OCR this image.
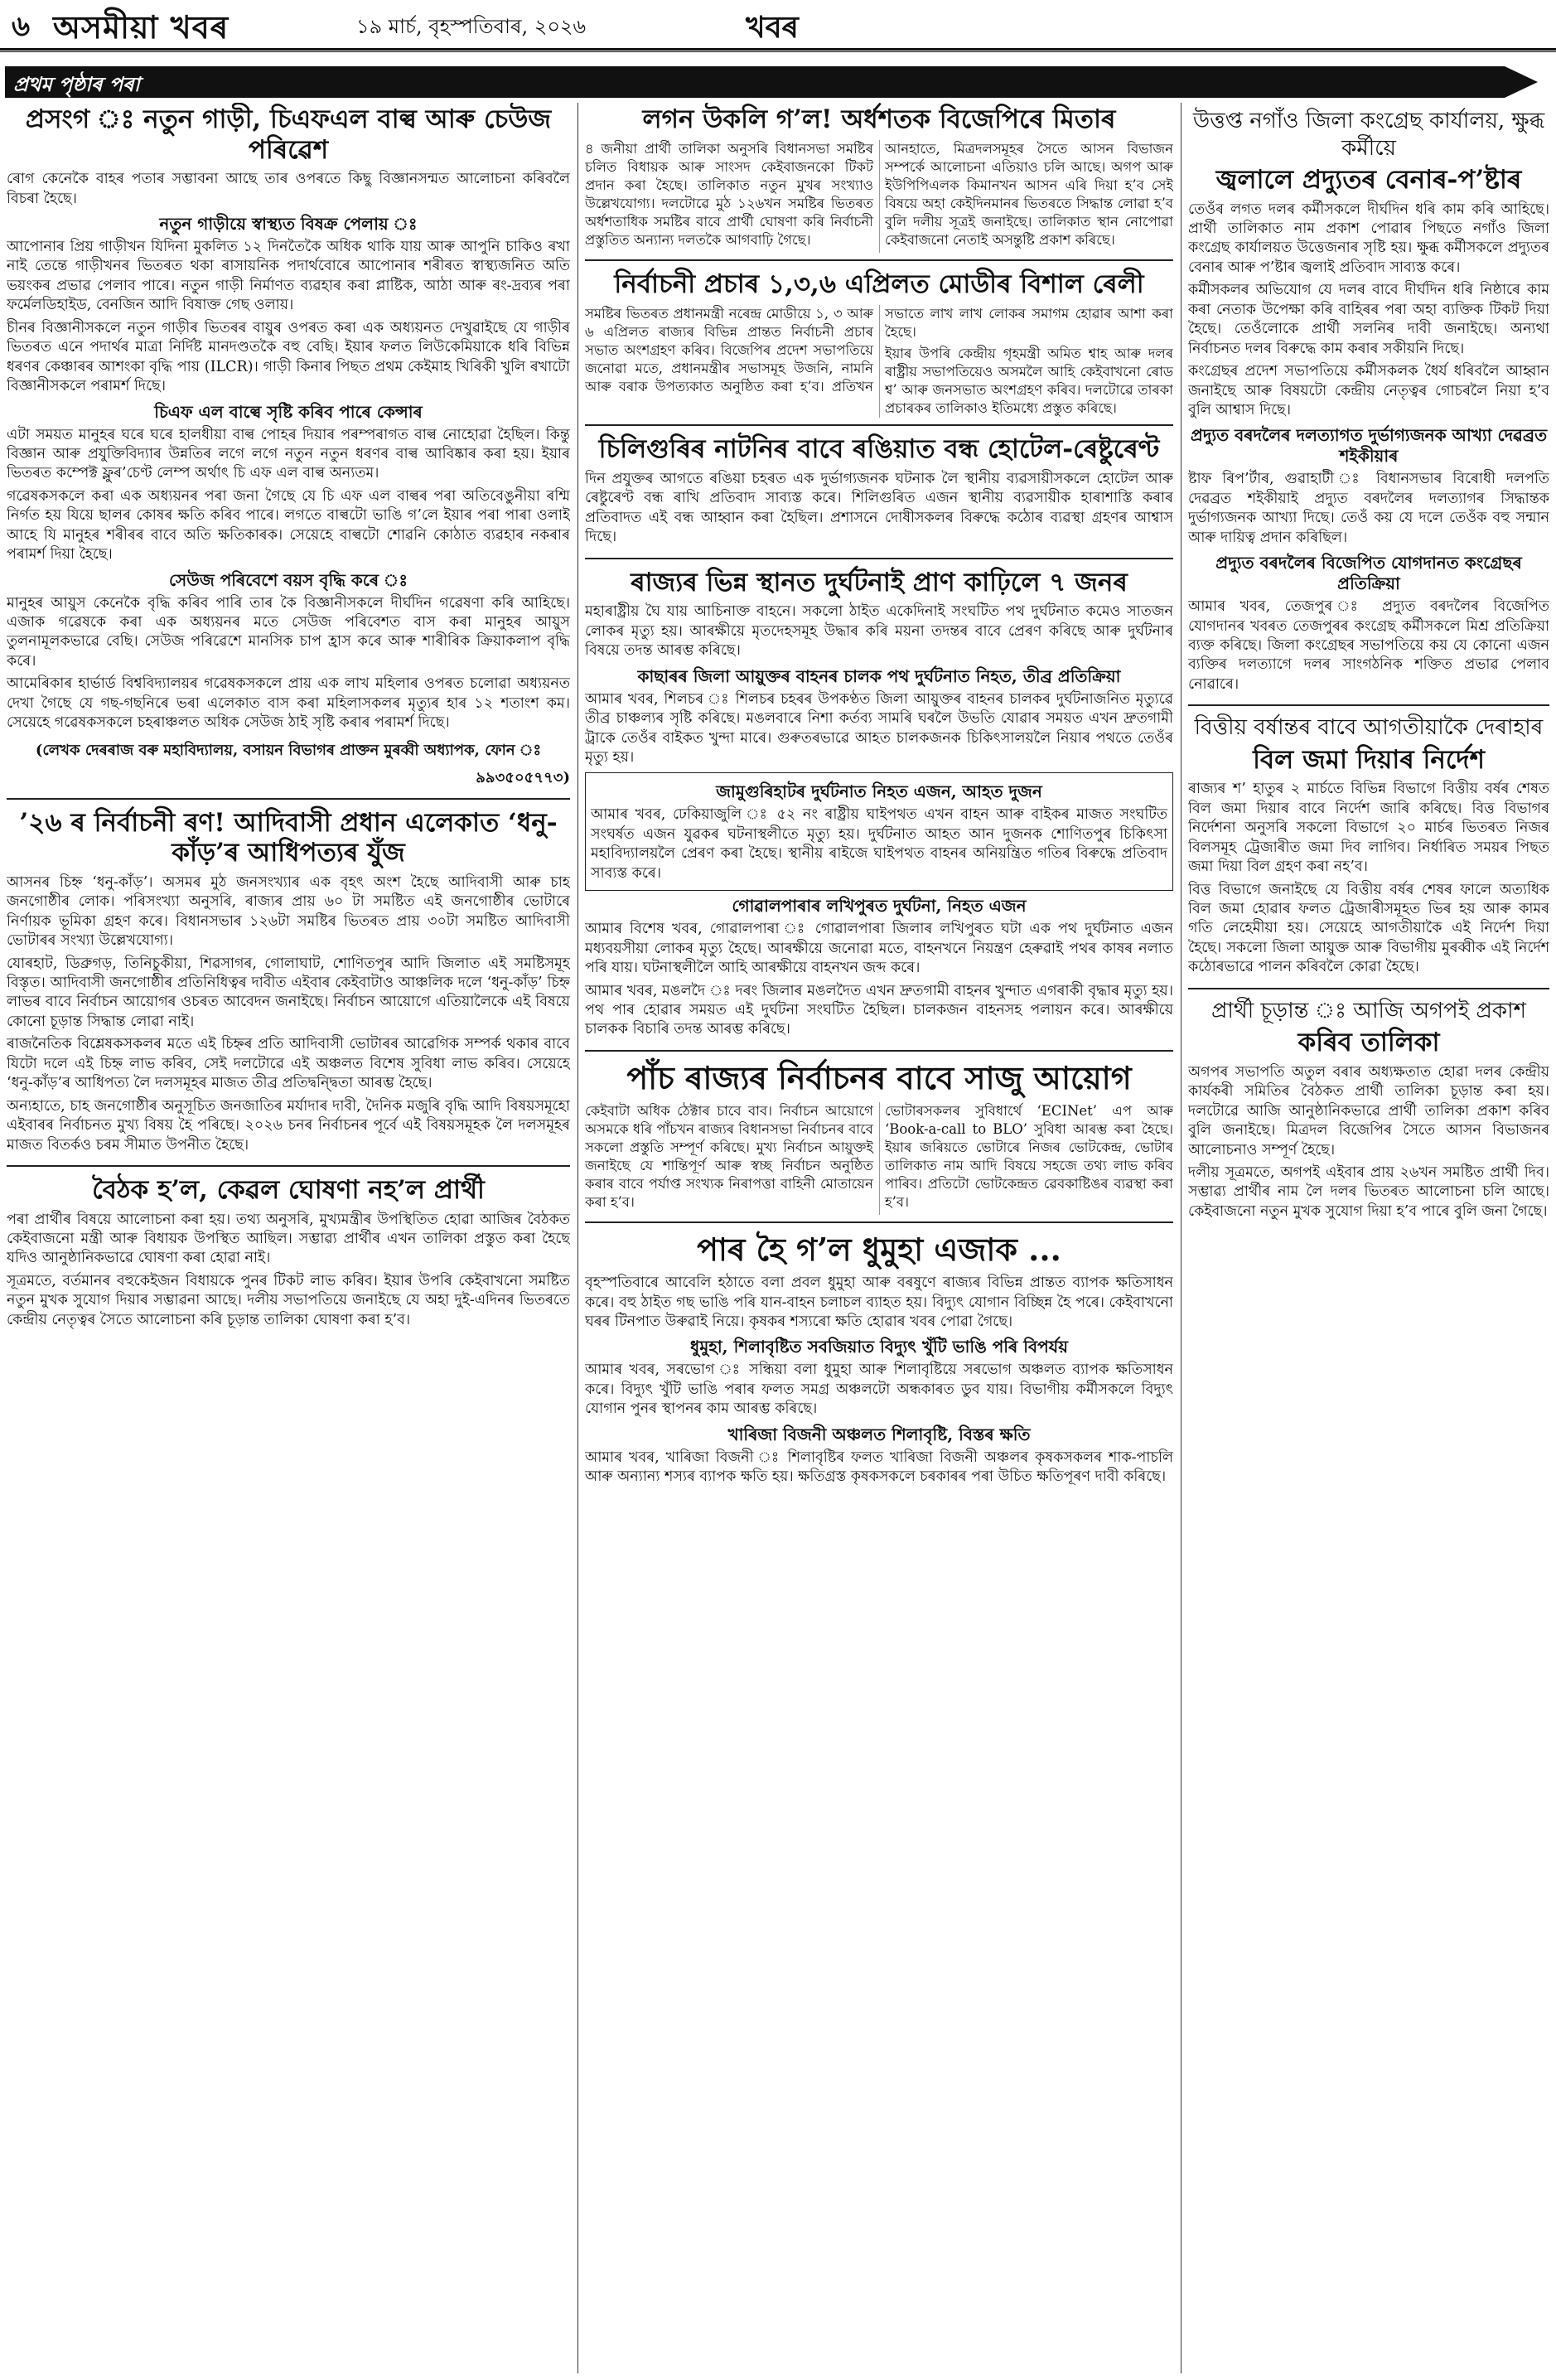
৬ অসমীয়া খবৰ	১৯ মাৰ্চ, বৃহস্পতিবাৰ, ২০২৬	খবৰ
প্ৰথম পৃষ্ঠাৰ পৰা
প্ৰসংগ ঃ নতুন গাড়ী, চিএফএল বাল্ব আৰু চেউজ পৰিৱেশ

ৰোগ কেনেকৈ বাহৰ পতাৰ সম্ভাবনা আছে তাৰ ওপৰতে কিছু বিজ্ঞানসন্মত আলোচনা কৰিবলৈ বিচৰা হৈছে।

নতুন গাড়ীয়ে স্বাস্থ্যত বিষক্ৰ পেলায় ঃ

আপোনাৰ প্ৰিয় গাড়ীখন যিদিনা মুকলিত ১২ দিনতৈকৈ অধিক থাকি যায় আৰু আপুনি চাকিও ৰখা নাই তেন্তে গাড়ীখনৰ ভিতৰত থকা ৰাসায়নিক পদাৰ্থবোৰে আপোনাৰ শৰীৰত স্বাস্থ্যজনিত অতি ভয়ংকৰ প্ৰভাৱ পেলাব পাৰে। নতুন গাড়ী নিৰ্মাণত ব্যৱহাৰ কৰা প্লাষ্টিক, আঠা আৰু ৰং-দ্ৰব্যৰ পৰা ফৰ্মেলডিহাইড, বেনজিন আদি বিষাক্ত গেছ ওলায়।

চীনৰ বিজ্ঞানীসকলে নতুন গাড়ীৰ ভিতৰৰ বায়ুৰ ওপৰত কৰা এক অধ্যয়নত দেখুৱাইছে যে গাড়ীৰ ভিতৰত এনে পদাৰ্থৰ মাত্ৰা নিৰ্দিষ্ট মানদণ্ডতকৈ বহু বেছি। ইয়াৰ ফলত লিউকেমিয়াকে ধৰি বিভিন্ন ধৰণৰ কেঞ্চাৰৰ আশংকা বৃদ্ধি পায় (ILCR)। গাড়ী কিনাৰ পিছত প্ৰথম কেইমাহ খিৰিকী খুলি ৰখাটো বিজ্ঞানীসকলে পৰামৰ্শ দিছে।

চিএফ এল বাল্বে সৃষ্টি কৰিব পাৰে কেন্সাৰ

এটা সময়ত মানুহৰ ঘৰে ঘৰে হালধীয়া বাল্ব পোহৰ দিয়াৰ পৰম্পৰাগত বাল্ব নোহোৱা হৈছিল। কিন্তু বিজ্ঞান আৰু প্ৰযুক্তিবিদ্যাৰ উন্নতিৰ লগে লগে নতুন নতুন ধৰণৰ বাল্ব আবিষ্কাৰ কৰা হয়। ইয়াৰ ভিতৰত কম্পেক্ট ফ্লুৰ’চেণ্ট লেম্প অৰ্থাৎ চি এফ এল বাল্ব অন্যতম।

গৱেষকসকলে কৰা এক অধ্যয়নৰ পৰা জনা গৈছে যে চি এফ এল বাল্বৰ পৰা অতিবেঙুনীয়া ৰশ্মি নিৰ্গত হয় যিয়ে ছালৰ কোষৰ ক্ষতি কৰিব পাৰে। লগতে বাল্বটো ভাঙি গ’লে ইয়াৰ পৰা পাৰা ওলাই আহে যি মানুহৰ শৰীৰৰ বাবে অতি ক্ষতিকাৰক। সেয়েহে বাল্বটো শোৱনি কোঠাত ব্যৱহাৰ নকৰাৰ পৰামৰ্শ দিয়া হৈছে।

সেউজ পৰিবেশে বয়স বৃদ্ধি কৰে ঃ

মানুহৰ আয়ুস কেনেকৈ বৃদ্ধি কৰিব পাৰি তাৰ কৈ বিজ্ঞানীসকলে দীৰ্ঘদিন গৱেষণা কৰি আহিছে। এজাক গৱেষকে কৰা এক অধ্যয়নৰ মতে সেউজ পৰিবেশত বাস কৰা মানুহৰ আয়ুস তুলনামূলকভাৱে বেছি। সেউজ পৰিৱেশে মানসিক চাপ হ্ৰাস কৰে আৰু শাৰীৰিক ক্ৰিয়াকলাপ বৃদ্ধি কৰে।

আমেৰিকাৰ হাৰ্ভাৰ্ড বিশ্ববিদ্যালয়ৰ গৱেষকসকলে প্ৰায় এক লাখ মহিলাৰ ওপৰত চলোৱা অধ্যয়নত দেখা গৈছে যে গছ-গছনিৰে ভৰা এলেকাত বাস কৰা মহিলাসকলৰ মৃত্যুৰ হাৰ ১২ শতাংশ কম। সেয়েহে গৱেষকসকলে চহৰাঞ্চলত অধিক সেউজ ঠাই সৃষ্টি কৰাৰ পৰামৰ্শ দিছে।

(লেখক দেৰৰাজ বৰু মহাবিদ্যালয়, বসায়ন বিভাগৰ প্ৰাক্তন মুৰব্বী অধ্যাপক, ফোন ঃ
৯৯৩৫০৫৭৭৩)
’২৬ ৰ নিৰ্বাচনী ৰণ! আদিবাসী প্ৰধান এলেকাত ‘ধনু-কাঁড়’ৰ আধিপত্যৰ যুঁজ

আসনৰ চিহ্ন ‘ধনু-কাঁড়’। অসমৰ মুঠ জনসংখ্যাৰ এক বৃহৎ অংশ হৈছে আদিবাসী আৰু চাহ জনগোষ্ঠীৰ লোক। পৰিসংখ্যা অনুসৰি, ৰাজ্যৰ প্ৰায় ৬০ টা সমষ্টিত এই জনগোষ্ঠীৰ ভোটাৰে নিৰ্ণায়ক ভূমিকা গ্ৰহণ কৰে। বিধানসভাৰ ১২৬টা সমষ্টিৰ ভিতৰত প্ৰায় ৩০টা সমষ্টিত আদিবাসী ভোটাৰৰ সংখ্যা উল্লেখযোগ্য।

যোৰহাট, ডিব্ৰুগড়, তিনিচুকীয়া, শিৱসাগৰ, গোলাঘাট, শোণিতপুৰ আদি জিলাত এই সমষ্টিসমূহ বিস্তৃত। আদিবাসী জনগোষ্ঠীৰ প্ৰতিনিধিত্বৰ দাবীত এইবাৰ কেইবাটাও আঞ্চলিক দলে ‘ধনু-কাঁড়’ চিহ্ন লাভৰ বাবে নিৰ্বাচন আয়োগৰ ওচৰত আবেদন জনাইছে। নিৰ্বাচন আয়োগে এতিয়ালৈকে এই বিষয়ে কোনো চূড়ান্ত সিদ্ধান্ত লোৱা নাই।

ৰাজনৈতিক বিশ্লেষকসকলৰ মতে এই চিহ্নৰ প্ৰতি আদিবাসী ভোটাৰৰ আৱেগিক সম্পৰ্ক থকাৰ বাবে যিটো দলে এই চিহ্ন লাভ কৰিব, সেই দলটোৱে এই অঞ্চলত বিশেষ সুবিধা লাভ কৰিব। সেয়েহে ‘ধনু-কাঁড়’ৰ আধিপত্য লৈ দলসমূহৰ মাজত তীব্ৰ প্ৰতিদ্বন্দ্বিতা আৰম্ভ হৈছে।

অন্যহাতে, চাহ জনগোষ্ঠীৰ অনুসূচিত জনজাতিৰ মৰ্যাদাৰ দাবী, দৈনিক মজুৰি বৃদ্ধি আদি বিষয়সমূহো এইবাৰৰ নিৰ্বাচনত মুখ্য বিষয় হৈ পৰিছে। ২০২৬ চনৰ নিৰ্বাচনৰ পূৰ্বে এই বিষয়সমূহক লৈ দলসমূহৰ মাজত বিতৰ্কও চৰম সীমাত উপনীত হৈছে।

বৈঠক হ’ল, কেৱল ঘোষণা নহ’ল প্ৰাৰ্থী

পৰা প্ৰাৰ্থীৰ বিষয়ে আলোচনা কৰা হয়। তথ্য অনুসৰি, মুখ্যমন্ত্ৰীৰ উপস্থিতিত হোৱা আজিৰ বৈঠকত কেইবাজনো মন্ত্ৰী আৰু বিধায়ক উপস্থিত আছিল। সম্ভাৱ্য প্ৰাৰ্থীৰ এখন তালিকা প্ৰস্তুত কৰা হৈছে যদিও আনুষ্ঠানিকভাৱে ঘোষণা কৰা হোৱা নাই।

সূত্ৰমতে, বৰ্তমানৰ বহুকেইজন বিধায়কে পুনৰ টিকট লাভ কৰিব। ইয়াৰ উপৰি কেইবাখনো সমষ্টিত নতুন মুখক সুযোগ দিয়াৰ সম্ভাৱনা আছে। দলীয় সভাপতিয়ে জনাইছে যে অহা দুই-এদিনৰ ভিতৰতে কেন্দ্ৰীয় নেতৃত্বৰ সৈতে আলোচনা কৰি চূড়ান্ত তালিকা ঘোষণা কৰা হ’ব।

লগন উকলি গ’ল! অৰ্ধশতক বিজেপিৰে মিতাৰ

৪ জনীয়া প্ৰাৰ্থী তালিকা অনুসৰি বিধানসভা সমষ্টিৰ চলিত বিধায়ক আৰু সাংসদ কেইবাজনকো টিকট প্ৰদান কৰা হৈছে। তালিকাত নতুন মুখৰ সংখ্যাও উল্লেখযোগ্য। দলটোৱে মুঠ ১২৬খন সমষ্টিৰ ভিতৰত অৰ্ধশতাধিক সমষ্টিৰ বাবে প্ৰাৰ্থী ঘোষণা কৰি নিৰ্বাচনী প্ৰস্তুতিত অন্যান্য দলতকৈ আগবাঢ়ি গৈছে।

আনহাতে, মিত্ৰদলসমূহৰ সৈতে আসন বিভাজন সম্পৰ্কে আলোচনা এতিয়াও চলি আছে। অগপ আৰু ইউপিপিএলক কিমানখন আসন এৰি দিয়া হ’ব সেই বিষয়ে অহা কেইদিনমানৰ ভিতৰতে সিদ্ধান্ত লোৱা হ’ব বুলি দলীয় সূত্ৰই জনাইছে। তালিকাত স্থান নোপোৱা কেইবাজনো নেতাই অসন্তুষ্টি প্ৰকাশ কৰিছে।

নিৰ্বাচনী প্ৰচাৰ ১,৩,৬ এপ্ৰিলত মোডীৰ বিশাল ৰেলী

সমষ্টিৰ ভিতৰত প্ৰধানমন্ত্ৰী নৰেন্দ্ৰ মোডীয়ে ১, ৩ আৰু ৬ এপ্ৰিলত ৰাজ্যৰ বিভিন্ন প্ৰান্তত নিৰ্বাচনী প্ৰচাৰ সভাত অংশগ্ৰহণ কৰিব। বিজেপিৰ প্ৰদেশ সভাপতিয়ে জনোৱা মতে, প্ৰধানমন্ত্ৰীৰ সভাসমূহ উজনি, নামনি আৰু বৰাক উপত্যকাত অনুষ্ঠিত কৰা হ’ব। প্ৰতিখন সভাতে লাখ লাখ লোকৰ সমাগম হোৱাৰ আশা কৰা হৈছে।

ইয়াৰ উপৰি কেন্দ্ৰীয় গৃহমন্ত্ৰী অমিত শ্বাহ আৰু দলৰ ৰাষ্ট্ৰীয় সভাপতিয়েও অসমলৈ আহি কেইবাখনো ৰোড শ্ব’ আৰু জনসভাত অংশগ্ৰহণ কৰিব। দলটোৱে তাৰকা প্ৰচাৰকৰ তালিকাও ইতিমধ্যে প্ৰস্তুত কৰিছে।

চিলিগুৰিৰ নাটনিৰ বাবে ৰঙিয়াত বন্ধ হোটেল-ৰেষ্টুৰেণ্ট

দিন প্ৰযুক্তৰ আগতে ৰঙিয়া চহৰত এক দুৰ্ভাগ্যজনক ঘটনাক লৈ স্থানীয় ব্যৱসায়ীসকলে হোটেল আৰু ৰেষ্টুৰেণ্ট বন্ধ ৰাখি প্ৰতিবাদ সাব্যস্ত কৰে। শিলিগুৰিত এজন স্থানীয় ব্যৱসায়ীক হাৰাশাস্তি কৰাৰ প্ৰতিবাদত এই বন্ধ আহ্বান কৰা হৈছিল। প্ৰশাসনে দোষীসকলৰ বিৰুদ্ধে কঠোৰ ব্যৱস্থা গ্ৰহণৰ আশ্বাস দিছে।

ৰাজ্যৰ ভিন্ন স্থানত দুৰ্ঘটনাই প্ৰাণ কাঢ়িলে ৭ জনৰ

মহাৰাষ্ট্ৰীয় ঘৈ যায় আচিনাক্ত বাহনে। সকলো ঠাইত একেদিনাই সংঘটিত পথ দুৰ্ঘটনাত কমেও সাতজন লোকৰ মৃত্যু হয়। আৰক্ষীয়ে মৃতদেহসমূহ উদ্ধাৰ কৰি ময়না তদন্তৰ বাবে প্ৰেৰণ কৰিছে আৰু দুৰ্ঘটনাৰ বিষয়ে তদন্ত আৰম্ভ কৰিছে।

কাছাৰৰ জিলা আয়ুক্তৰ বাহনৰ চালক পথ দুৰ্ঘটনাত নিহত, তীব্ৰ প্ৰতিক্ৰিয়া

আমাৰ খবৰ, শিলচৰ ঃ শিলচৰ চহৰৰ উপকণ্ঠত জিলা আয়ুক্তৰ বাহনৰ চালকৰ দুৰ্ঘটনাজনিত মৃত্যুৱে তীব্ৰ চাঞ্চল্যৰ সৃষ্টি কৰিছে। মঙলবাৰে নিশা কৰ্তব্য সামৰি ঘৰলৈ উভতি যোৱাৰ সময়ত এখন দ্ৰুতগামী ট্ৰাকে তেওঁৰ বাইকত খুন্দা মাৰে। গুৰুতৰভাৱে আহত চালকজনক চিকিৎসালয়লৈ নিয়াৰ পথতে তেওঁৰ মৃত্যু হয়।

জামুগুৰিহাটৰ দুৰ্ঘটনাত নিহত এজন, আহত দুজন

আমাৰ খবৰ, ঢেকিয়াজুলি ঃ ৫২ নং ৰাষ্ট্ৰীয় ঘাইপথত এখন বাহন আৰু বাইকৰ মাজত সংঘটিত সংঘৰ্ষত এজন যুৱকৰ ঘটনাস্থলীতে মৃত্যু হয়। দুৰ্ঘটনাত আহত আন দুজনক শোণিতপুৰ চিকিৎসা মহাবিদ্যালয়লৈ প্ৰেৰণ কৰা হৈছে। স্থানীয় ৰাইজে ঘাইপথত বাহনৰ অনিয়ন্ত্ৰিত গতিৰ বিৰুদ্ধে প্ৰতিবাদ সাব্যস্ত কৰে।

গোৱালপাৰাৰ লখিপুৰত দুৰ্ঘটনা, নিহত এজন

আমাৰ বিশেষ খবৰ, গোৱালপাৰা ঃ গোৱালপাৰা জিলাৰ লখিপুৰত ঘটা এক পথ দুৰ্ঘটনাত এজন মধ্যবয়সীয়া লোকৰ মৃত্যু হৈছে। আৰক্ষীয়ে জনোৱা মতে, বাহনখনে নিয়ন্ত্ৰণ হেৰুৱাই পথৰ কাষৰ নলাত পৰি যায়। ঘটনাস্থলীলৈ আহি আৰক্ষীয়ে বাহনখন জব্দ কৰে।

আমাৰ খবৰ, মঙলদৈ ঃ দৰং জিলাৰ মঙলদৈত এখন দ্ৰুতগামী বাহনৰ খুন্দাত এগৰাকী বৃদ্ধাৰ মৃত্যু হয়। পথ পাৰ হোৱাৰ সময়ত এই দুৰ্ঘটনা সংঘটিত হৈছিল। চালকজন বাহনসহ পলায়ন কৰে। আৰক্ষীয়ে চালকক বিচাৰি তদন্ত আৰম্ভ কৰিছে।

পাঁচ ৰাজ্যৰ নিৰ্বাচনৰ বাবে সাজু আয়োগ

কেইবাটা অধিক ঠেক্টাৰ চাবে বাব। নিৰ্বাচন আয়োগে অসমকে ধৰি পাঁচখন ৰাজ্যৰ বিধানসভা নিৰ্বাচনৰ বাবে সকলো প্ৰস্তুতি সম্পূৰ্ণ কৰিছে। মুখ্য নিৰ্বাচন আয়ুক্তই জনাইছে যে শান্তিপূৰ্ণ আৰু স্বচ্ছ নিৰ্বাচন অনুষ্ঠিত কৰাৰ বাবে পৰ্যাপ্ত সংখ্যক নিৰাপত্তা বাহিনী মোতায়েন কৰা হ’ব।

ভোটাৰসকলৰ সুবিধাৰ্থে ‘ECINet’ এপ আৰু ‘Book-a-call to BLO’ সুবিধা আৰম্ভ কৰা হৈছে। ইয়াৰ জৰিয়তে ভোটাৰে নিজৰ ভোটকেন্দ্ৰ, ভোটাৰ তালিকাত নাম আদি বিষয়ে সহজে তথ্য লাভ কৰিব পাৰিব। প্ৰতিটো ভোটকেন্দ্ৰত ৱেবকাষ্টিঙৰ ব্যৱস্থা কৰা হ’ব।

পাৰ হৈ গ’ল ধুমুহা এজাক ...

বৃহস্পতিবাৰে আবেলি হঠাতে বলা প্ৰবল ধুমুহা আৰু বৰষুণে ৰাজ্যৰ বিভিন্ন প্ৰান্তত ব্যাপক ক্ষতিসাধন কৰে। বহু ঠাইত গছ ভাঙি পৰি যান-বাহন চলাচল ব্যাহত হয়। বিদ্যুৎ যোগান বিচ্ছিন্ন হৈ পৰে। কেইবাখনো ঘৰৰ টিনপাত উৰুৱাই নিয়ে। কৃষকৰ শস্যৰো ক্ষতি হোৱাৰ খবৰ পোৱা গৈছে।

ধুমুহা, শিলাবৃষ্টিত সবজিয়াত বিদ্যুৎ খুঁটি ভাঙি পৰি বিপৰ্যয়

আমাৰ খবৰ, সৰভোগ ঃ সন্ধিয়া বলা ধুমুহা আৰু শিলাবৃষ্টিয়ে সৰভোগ অঞ্চলত ব্যাপক ক্ষতিসাধন কৰে। বিদ্যুৎ খুঁটি ভাঙি পৰাৰ ফলত সমগ্ৰ অঞ্চলটো অন্ধকাৰত ডুব যায়। বিভাগীয় কৰ্মীসকলে বিদ্যুৎ যোগান পুনৰ স্থাপনৰ কাম আৰম্ভ কৰিছে।

খাৰিজা বিজনী অঞ্চলত শিলাবৃষ্টি, বিস্তৰ ক্ষতি

আমাৰ খবৰ, খাৰিজা বিজনী ঃ শিলাবৃষ্টিৰ ফলত খাৰিজা বিজনী অঞ্চলৰ কৃষকসকলৰ শাক-পাচলি আৰু অন্যান্য শস্যৰ ব্যাপক ক্ষতি হয়। ক্ষতিগ্ৰস্ত কৃষকসকলে চৰকাৰৰ পৰা উচিত ক্ষতিপূৰণ দাবী কৰিছে।

উত্তপ্ত নগাঁও জিলা কংগ্ৰেছ কাৰ্যালয়, ক্ষুব্ধ কৰ্মীয়ে
জ্বলালে প্ৰদ্যুতৰ বেনাৰ-প’ষ্টাৰ

তেওঁৰ লগত দলৰ কৰ্মীসকলে দীৰ্ঘদিন ধৰি কাম কৰি আহিছে। প্ৰাৰ্থী তালিকাত নাম প্ৰকাশ পোৱাৰ পিছতে নগাঁও জিলা কংগ্ৰেছ কাৰ্যালয়ত উত্তেজনাৰ সৃষ্টি হয়। ক্ষুব্ধ কৰ্মীসকলে প্ৰদ্যুতৰ বেনাৰ আৰু প’ষ্টাৰ জ্বলাই প্ৰতিবাদ সাব্যস্ত কৰে।

কৰ্মীসকলৰ অভিযোগ যে দলৰ বাবে দীৰ্ঘদিন ধৰি নিষ্ঠাৰে কাম কৰা নেতাক উপেক্ষা কৰি বাহিৰৰ পৰা অহা ব্যক্তিক টিকট দিয়া হৈছে। তেওঁলোকে প্ৰাৰ্থী সলনিৰ দাবী জনাইছে। অন্যথা নিৰ্বাচনত দলৰ বিৰুদ্ধে কাম কৰাৰ সকীয়নি দিছে।

কংগ্ৰেছৰ প্ৰদেশ সভাপতিয়ে কৰ্মীসকলক ধৈৰ্য ধৰিবলৈ আহ্বান জনাইছে আৰু বিষয়টো কেন্দ্ৰীয় নেতৃত্বৰ গোচৰলৈ নিয়া হ’ব বুলি আশ্বাস দিছে।

প্ৰদ্যুত বৰদলৈৰ দলত্যাগত দুৰ্ভাগ্যজনক আখ্যা দেৱব্ৰত শইকীয়াৰ

ষ্টাফ ৰিপ’ৰ্টাৰ, গুৱাহাটী ঃ বিধানসভাৰ বিৰোধী দলপতি দেৱব্ৰত শইকীয়াই প্ৰদ্যুত বৰদলৈৰ দলত্যাগৰ সিদ্ধান্তক দুৰ্ভাগ্যজনক আখ্যা দিছে। তেওঁ কয় যে দলে তেওঁক বহু সন্মান আৰু দায়িত্ব প্ৰদান কৰিছিল।

প্ৰদ্যুত বৰদলৈৰ বিজেপিত যোগদানত কংগ্ৰেছৰ প্ৰতিক্ৰিয়া

আমাৰ খবৰ, তেজপুৰ ঃ প্ৰদ্যুত বৰদলৈৰ বিজেপিত যোগদানৰ খবৰত তেজপুৰৰ কংগ্ৰেছ কৰ্মীসকলে মিশ্ৰ প্ৰতিক্ৰিয়া ব্যক্ত কৰিছে। জিলা কংগ্ৰেছৰ সভাপতিয়ে কয় যে কোনো এজন ব্যক্তিৰ দলত্যাগে দলৰ সাংগঠনিক শক্তিত প্ৰভাৱ পেলাব নোৱাৰে।

বিত্তীয় বৰ্ষান্তৰ বাবে আগতীয়াকৈ দেৰাহাৰ
বিল জমা দিয়াৰ নিৰ্দেশ

ৰাজ্যৰ শ’ হাতুৰ ২ মাৰ্চতে বিভিন্ন বিভাগে বিত্তীয় বৰ্ষৰ শেষত বিল জমা দিয়াৰ বাবে নিৰ্দেশ জাৰি কৰিছে। বিত্ত বিভাগৰ নিৰ্দেশনা অনুসৰি সকলো বিভাগে ২০ মাৰ্চৰ ভিতৰত নিজৰ বিলসমূহ ট্ৰেজাৰীত জমা দিব লাগিব। নিৰ্ধাৰিত সময়ৰ পিছত জমা দিয়া বিল গ্ৰহণ কৰা নহ’ব।

বিত্ত বিভাগে জনাইছে যে বিত্তীয় বৰ্ষৰ শেষৰ ফালে অত্যধিক বিল জমা হোৱাৰ ফলত ট্ৰেজাৰীসমূহত ভিৰ হয় আৰু কামৰ গতি লেহেমীয়া হয়। সেয়েহে আগতীয়াকৈ এই নিৰ্দেশ দিয়া হৈছে। সকলো জিলা আয়ুক্ত আৰু বিভাগীয় মুৰব্বীক এই নিৰ্দেশ কঠোৰভাৱে পালন কৰিবলৈ কোৱা হৈছে।

প্ৰাৰ্থী চূড়ান্ত ঃ আজি অগপই প্ৰকাশ
কৰিব তালিকা

অগপৰ সভাপতি অতুল বৰাৰ অধ্যক্ষতাত হোৱা দলৰ কেন্দ্ৰীয় কাৰ্যকৰী সমিতিৰ বৈঠকত প্ৰাৰ্থী তালিকা চূড়ান্ত কৰা হয়। দলটোৱে আজি আনুষ্ঠানিকভাৱে প্ৰাৰ্থী তালিকা প্ৰকাশ কৰিব বুলি জনাইছে। মিত্ৰদল বিজেপিৰ সৈতে আসন বিভাজনৰ আলোচনাও সম্পূৰ্ণ হৈছে।

দলীয় সূত্ৰমতে, অগপই এইবাৰ প্ৰায় ২৬খন সমষ্টিত প্ৰাৰ্থী দিব। সম্ভাৱ্য প্ৰাৰ্থীৰ নাম লৈ দলৰ ভিতৰত আলোচনা চলি আছে। কেইবাজনো নতুন মুখক সুযোগ দিয়া হ’ব পাৰে বুলি জনা গৈছে।
